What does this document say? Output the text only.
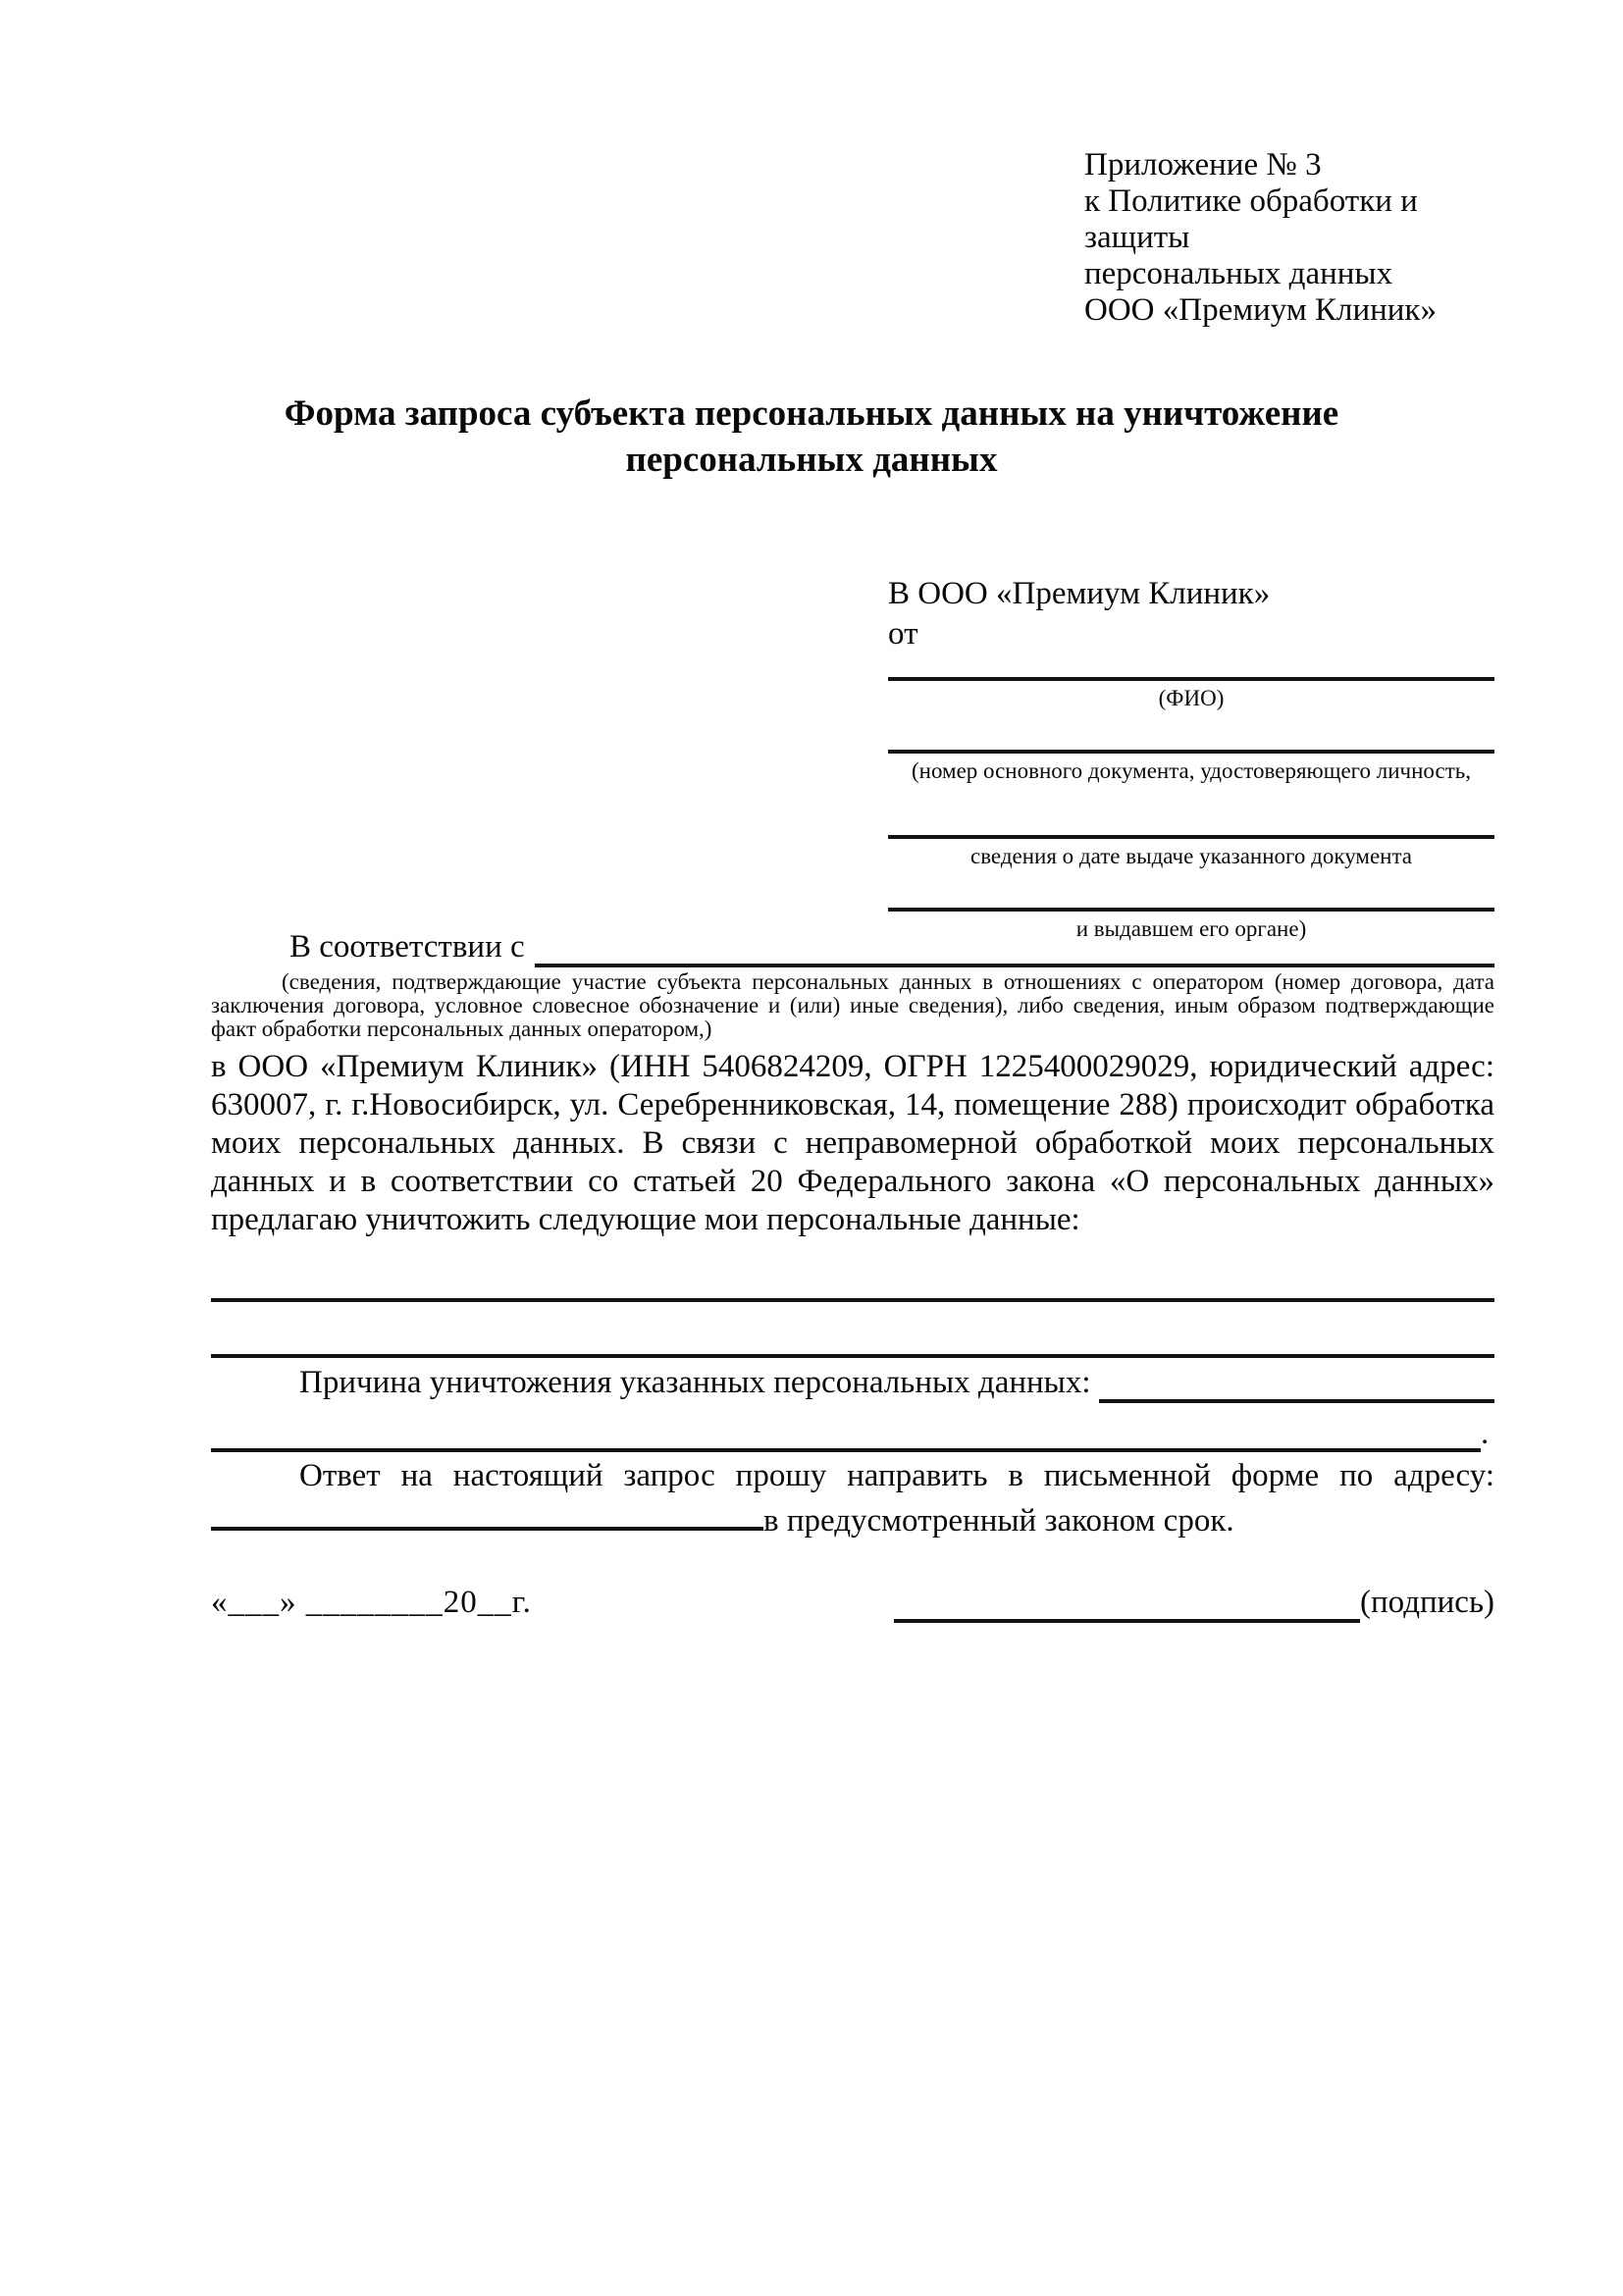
Приложение № 3
к Политике обработки и защиты
персональных данных
ООО «Премиум Клиник»
Форма запроса субъекта персональных данных на уничтожение
персональных данных
В ООО «Премиум Клиник»
от
(ФИО)
(номер основного документа, удостоверяющего личность,
сведения о дате выдаче указанного документа
и выдавшем его органе)
В соответствии с
(сведения, подтверждающие участие субъекта персональных данных в отношениях с оператором (номер договора, дата заключения договора, условное словесное обозначение и (или) иные сведения), либо сведения, иным образом подтверждающие факт обработки персональных данных оператором,)
в ООО «Премиум Клиник» (ИНН 5406824209, ОГРН 1225400029029, юридический адрес: 630007, г. г.Новосибирск, ул. Серебренниковская, 14, помещение 288) происходит обработка моих персональных данных. В связи с неправомерной обработкой моих персональных данных и в соответствии со статьей 20 Федерального закона «О персональных данных» предлагаю уничтожить следующие мои персональные данные:
Причина уничтожения указанных персональных данных:
.
Ответ на настоящий запрос прошу направить в письменной форме по адресу: в предусмотренный законом срок.
«___» ________20__г.	(подпись)
